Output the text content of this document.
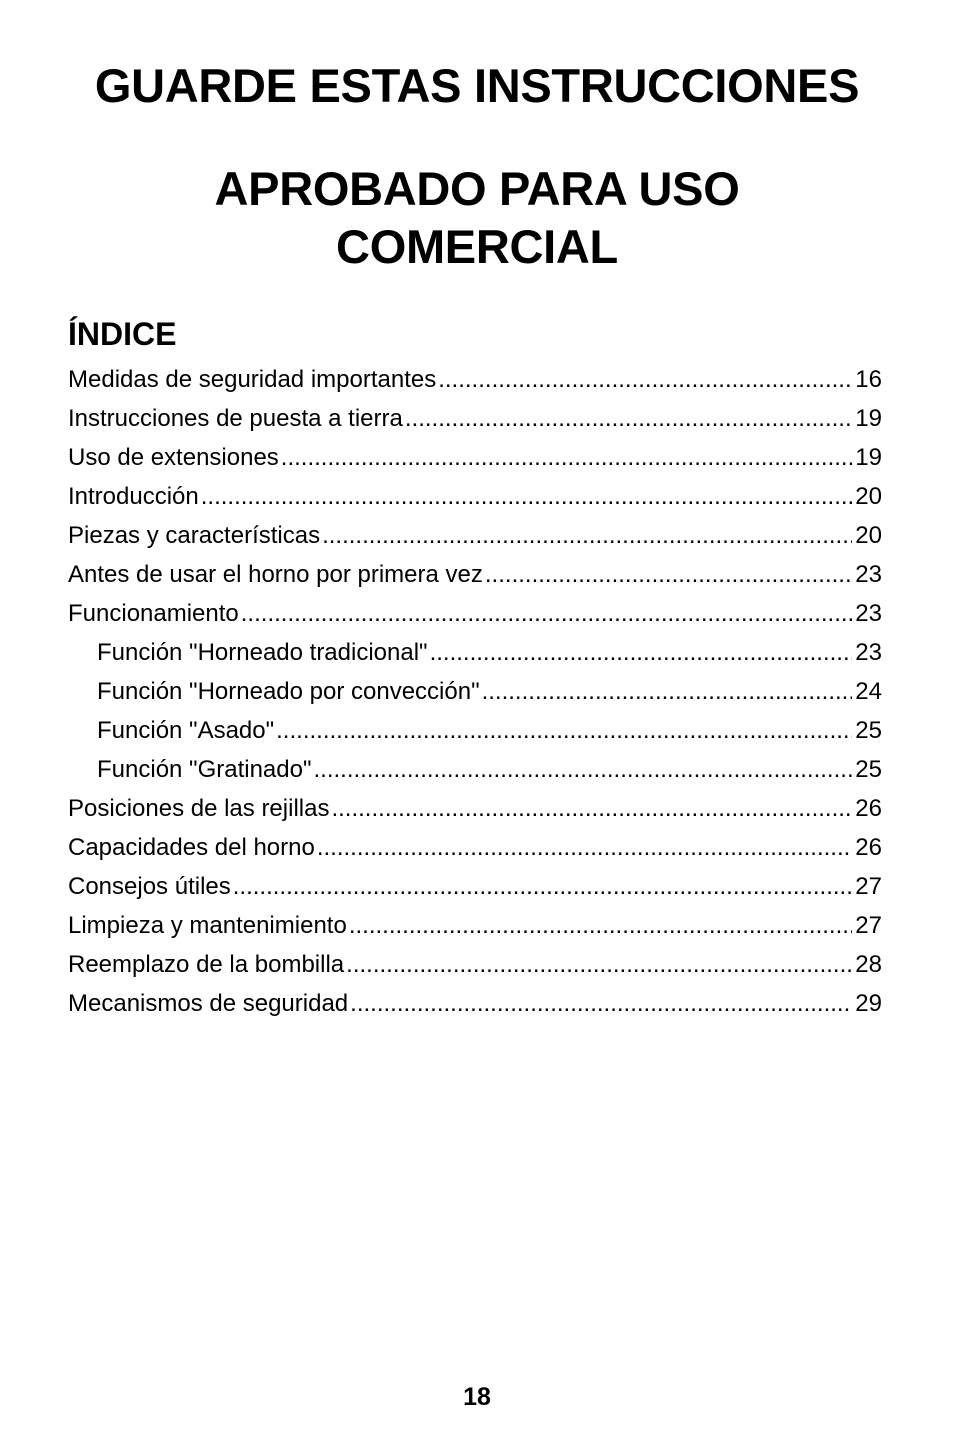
GUARDE ESTAS INSTRUCCIONES
APROBADO PARA USO
COMERCIAL
ÍNDICE
Medidas de seguridad importantes .....	16
Instrucciones de puesta a tierra .....	19
Uso de extensiones .....	19
Introducción .....	20
Piezas y características .....	20
Antes de usar el horno por primera vez .....	23
Funcionamiento .....	23
Función "Horneado tradicional" .....	23
Función "Horneado por convección" .....	24
Función "Asado" .....	25
Función "Gratinado" .....	25
Posiciones de las rejillas .....	26
Capacidades del horno .....	26
Consejos útiles .....	27
Limpieza y mantenimiento .....	27
Reemplazo de la bombilla .....	28
Mecanismos de seguridad .....	29
18
